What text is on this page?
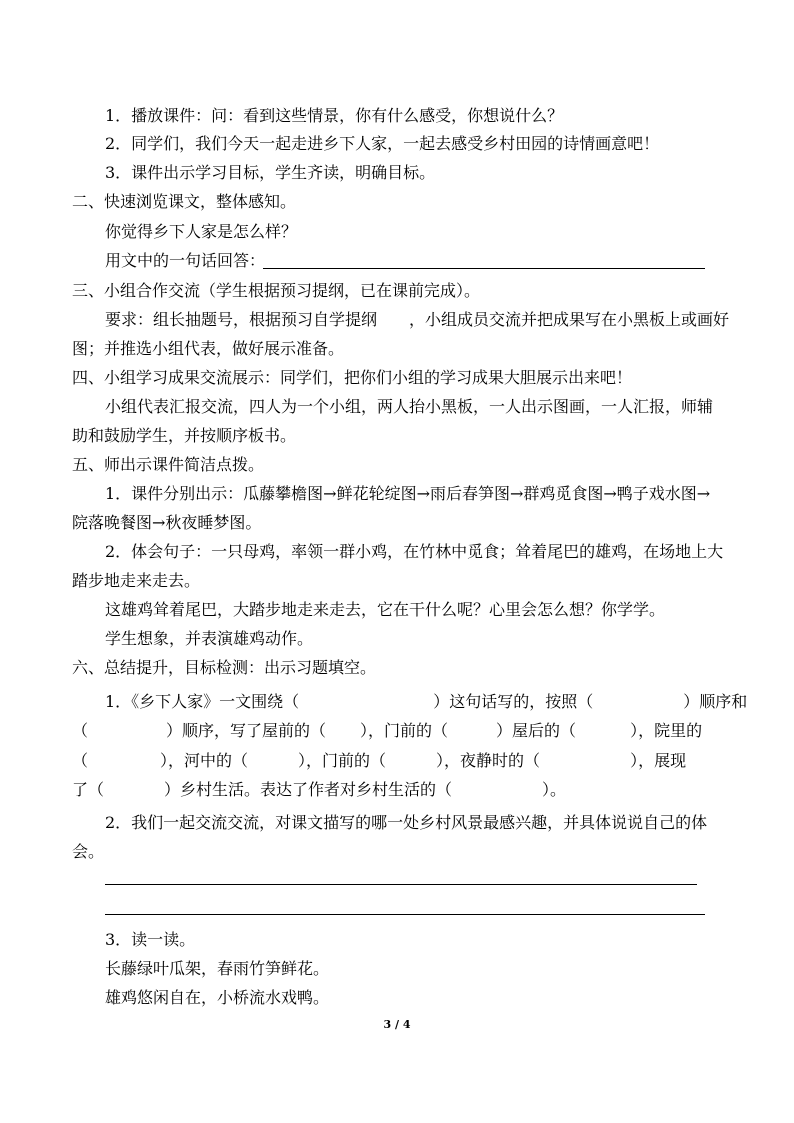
1．播放课件：问：看到这些情景，你有什么感受，你想说什么？
2．同学们，我们今天一起走进乡下人家，一起去感受乡村田园的诗情画意吧！
3．课件出示学习目标，学生齐读，明确目标。
二、快速浏览课文，整体感知。
你觉得乡下人家是怎么样？
用文中的一句话回答：
三、小组合作交流（学生根据预习提纲，已在课前完成）。
要求：组长抽题号，根据预习自学提纲　　，小组成员交流并把成果写在小黑板上或画好
图；并推选小组代表，做好展示准备。
四、小组学习成果交流展示：同学们，把你们小组的学习成果大胆展示出来吧！
小组代表汇报交流，四人为一个小组，两人抬小黑板，一人出示图画，一人汇报，师辅
助和鼓励学生，并按顺序板书。
五、师出示课件简洁点拨。
1．课件分别出示：瓜藤攀檐图→鲜花轮绽图→雨后春笋图→群鸡觅食图→鸭子戏水图→
院落晚餐图→秋夜睡梦图。
2．体会句子：一只母鸡，率领一群小鸡，在竹林中觅食；耸着尾巴的雄鸡，在场地上大
踏步地走来走去。
这雄鸡耸着尾巴，大踏步地走来走去，它在干什么呢？心里会怎么想？你学学。
学生想象，并表演雄鸡动作。
六、总结提升，目标检测：出示习题填空。
1．《乡下人家》一文围绕（	）这句话写的，按照（	）顺序和
（	）顺序，写了屋前的（ ），门前的（	）屋后的（	），院里的
（	），河中的（	），门前的（	），夜静时的（	），展现
了（	）乡村生活。表达了作者对乡村生活的（	）。
2．我们一起交流交流，对课文描写的哪一处乡村风景最感兴趣，并具体说说自己的体
会。
3．读一读。
长藤绿叶瓜架，春雨竹笋鲜花。
雄鸡悠闲自在，小桥流水戏鸭。
3 / 4
